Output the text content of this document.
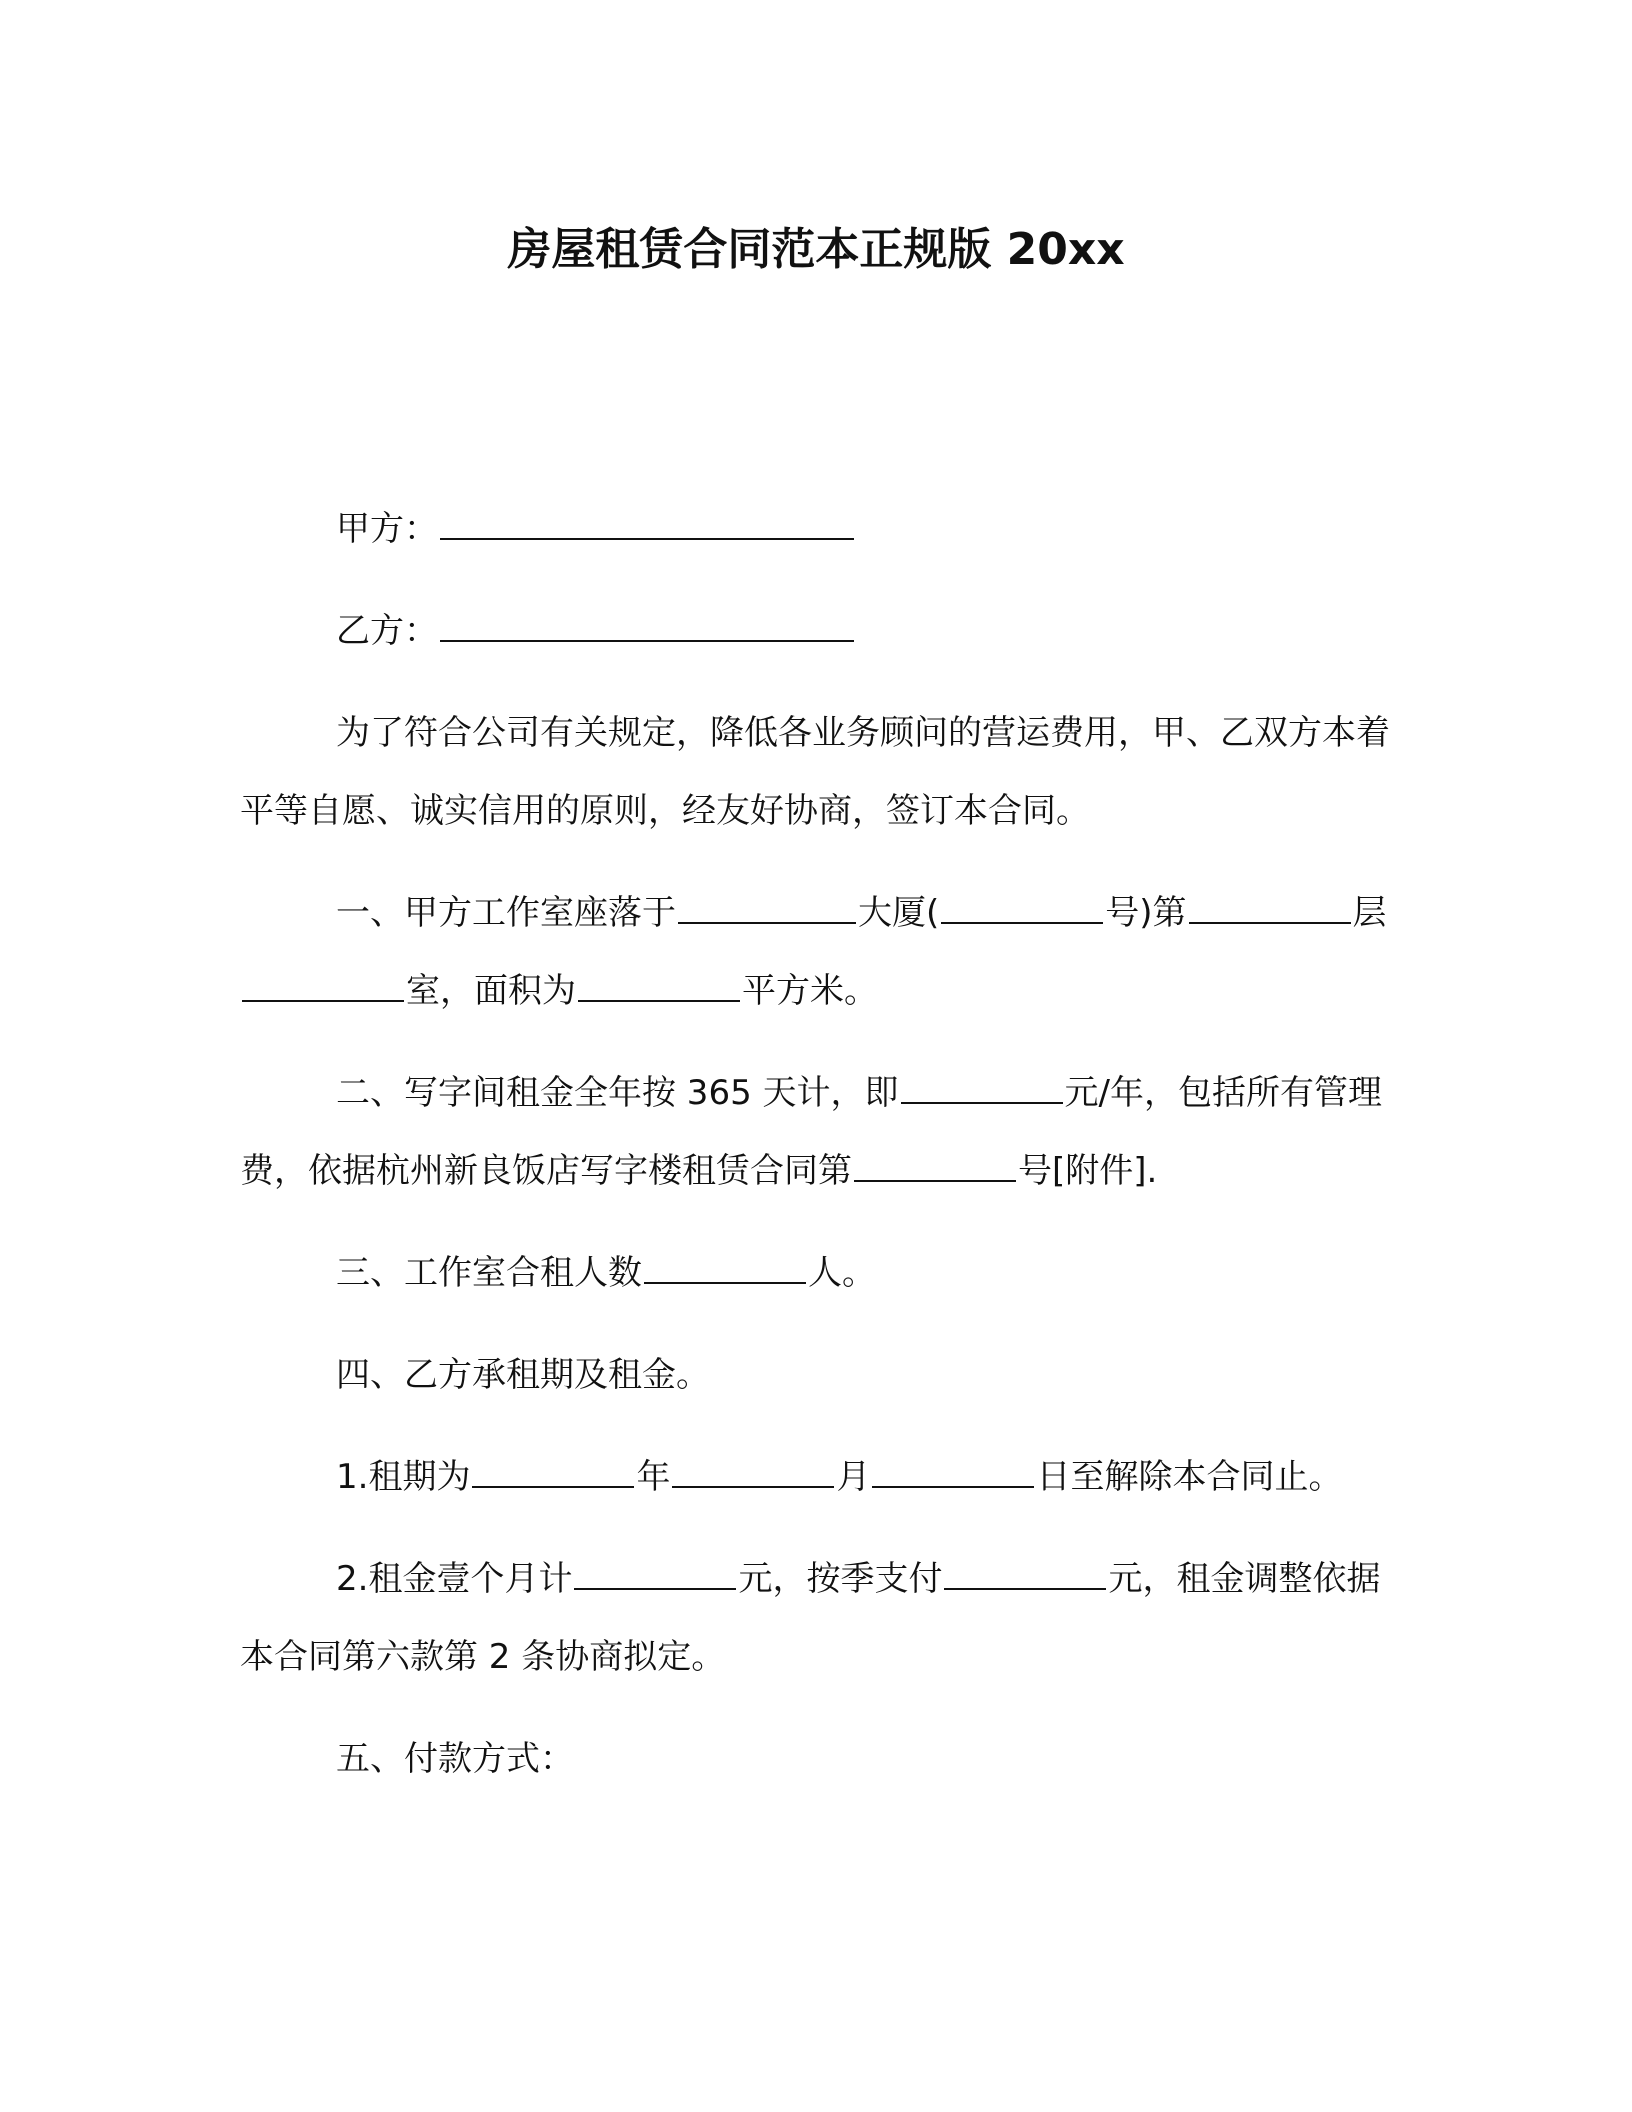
房屋租赁合同范本正规版 20xx

甲方：

乙方：

为了符合公司有关规定，降低各业务顾问的营运费用，甲、乙双方本着平等自愿、诚实信用的原则，经友好协商，签订本合同。

一、甲方工作室座落于	大厦(	号)第	层室，面积为	平方米。

二、写字间租金全年按 365 天计，即	元/年，包括所有管理费，依据杭州新良饭店写字楼租赁合同第	号[附件].

三、工作室合租人数	人。

四、乙方承租期及租金。

1.租期为	年	月	日至解除本合同止。

2.租金壹个月计	元，按季支付	元，租金调整依据本合同第六款第 2 条协商拟定。

五、付款方式：
